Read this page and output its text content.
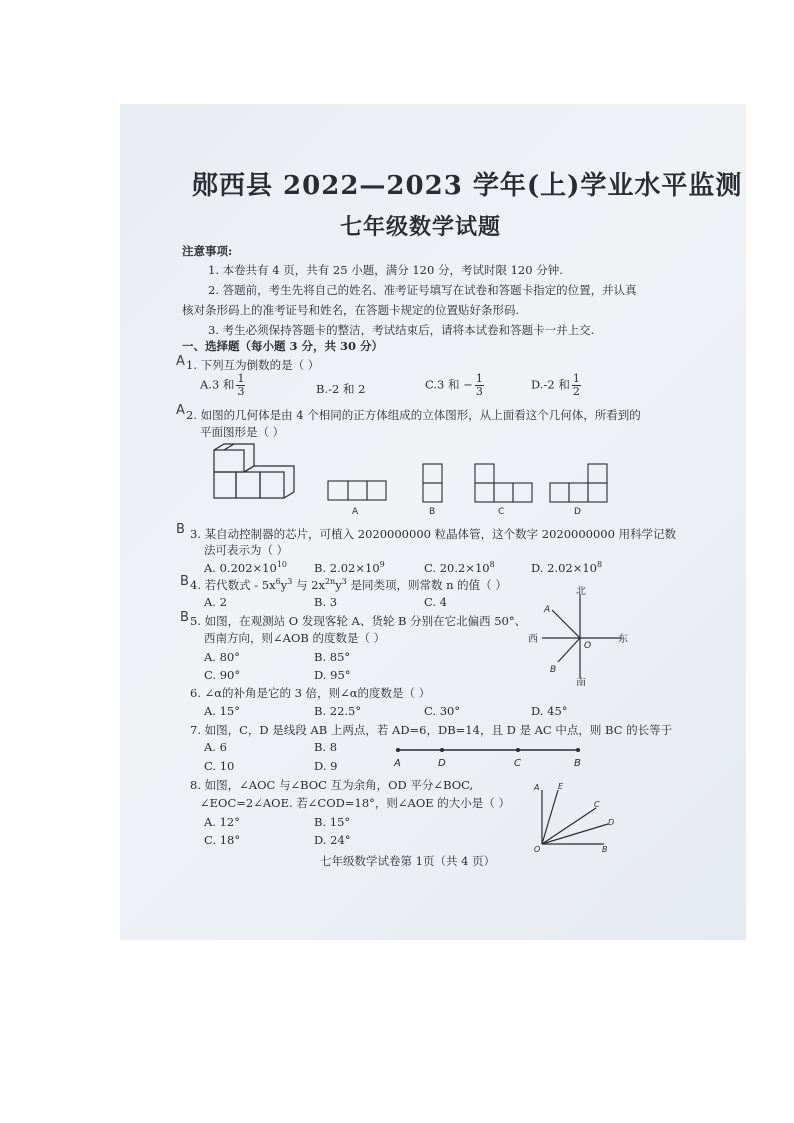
郧西县 2022—2023 学年(上)学业水平监测
七年级数学试题
注意事项:
1. 本卷共有 4 页，共有 25 小题，满分 120 分，考试时限 120 分钟.
2. 答题前，考生先将自己的姓名、准考证号填写在试卷和答题卡指定的位置，并认真
核对条形码上的准考证号和姓名，在答题卡规定的位置贴好条形码.
3. 考生必须保持答题卡的整洁，考试结束后，请将本试卷和答题卡一并上交.
一、选择题（每小题 3 分，共 30 分）
A 1. 下列互为倒数的是（ ）
A.3 和 $\frac{1}{3}$	B.-2 和 2	C.3 和 − $\frac{1}{3}$	D.-2 和 $\frac{1}{2}$
A 2. 如图的几何体是由 4 个相同的正方体组成的立体图形，从上面看这个几何体，所看到的
平面图形是（ ）
A	B	C	D
B 3. 某自动控制器的芯片，可植入 2020000000 粒晶体管，这个数字 2020000000 用科学记数
法可表示为（ ）
A. $0.202\times 10^{10}$ B. $2.02\times 10^9$	C. $20.2\times 10^8$	D. $2.02\times 10^8$
B 4. 若代数式 - $5x^6y^3$ 与 $2x^{2n}y^3$ 是同类项，则常数 n 的值（ ）
A. 2	B. 3	C. 4
B 5. 如图，在观测站 O 发现客轮 A、货轮 B 分别在它北偏西 50°、
西南方向，则∠AOB 的度数是（ ）
A. 80°	B. 85°
C. 90°	D. 95°
北
南
东
西
A
B
O
6. ∠α的补角是它的 3 倍，则∠α的度数是（ ）
A. 15°	B. 22.5°	C. 30°	D. 45°
7. 如图，C，D 是线段 AB 上两点，若 AD=6，DB=14，且 D 是 AC 中点，则 BC 的长等于
A. 6	B. 8
C. 10	D. 9	A	D	C	B
8. 如图，∠AOC 与∠BOC 互为余角，OD 平分∠BOC,
∠EOC=2∠AOE. 若∠COD=18°，则∠AOE 的大小是（ ）
A. 12°	B. 15°
C. 18°	D. 24°
A E
C
D
O	B
七年级数学试卷第 1页（共 4 页）
